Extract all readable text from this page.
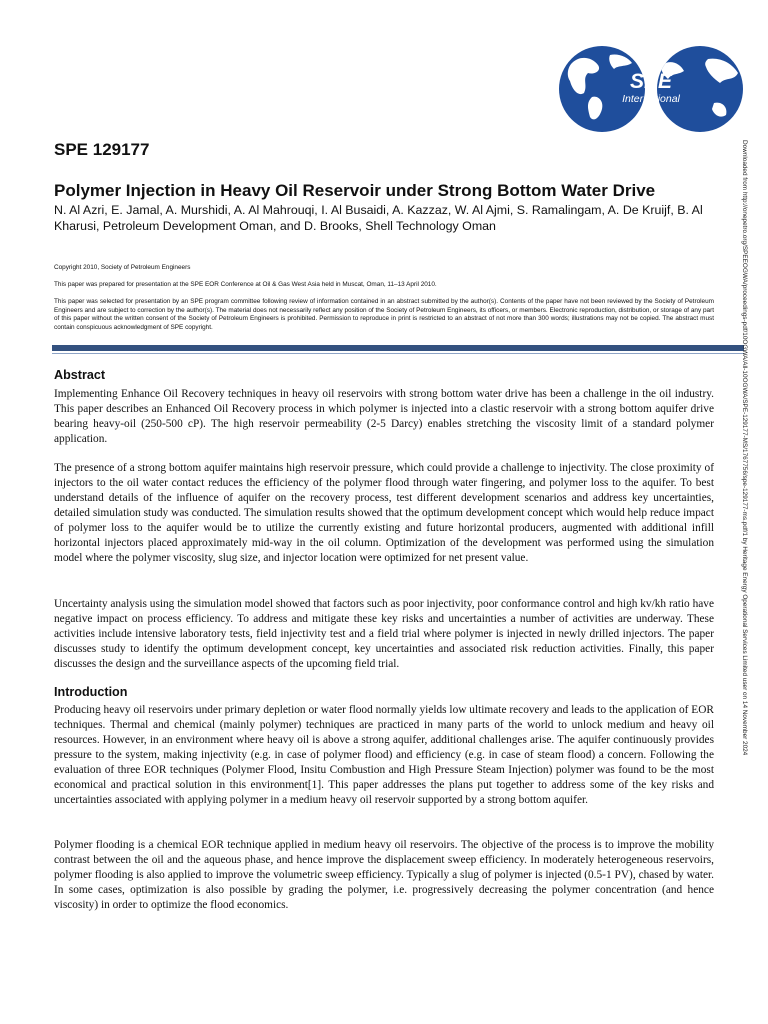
SPE
International
SPE 129177
Polymer Injection in Heavy Oil Reservoir under Strong Bottom Water Drive
N. Al Azri, E. Jamal, A. Murshidi, A. Al Mahrouqi, I. Al Busaidi, A. Kazzaz, W. Al Ajmi, S. Ramalingam, A. De Kruijf, B. Al Kharusi, Petroleum Development Oman, and D. Brooks, Shell Technology Oman
Copyright 2010, Society of Petroleum Engineers
This paper was prepared for presentation at the SPE EOR Conference at Oil & Gas West Asia held in Muscat, Oman, 11–13 April 2010.
This paper was selected for presentation by an SPE program committee following review of information contained in an abstract submitted by the author(s). Contents of the paper have not been reviewed by the Society of Petroleum Engineers and are subject to correction by the author(s). The material does not necessarily reflect any position of the Society of Petroleum Engineers, its officers, or members. Electronic reproduction, distribution, or storage of any part of this paper without the written consent of the Society of Petroleum Engineers is prohibited. Permission to reproduce in print is restricted to an abstract of not more than 300 words; illustrations may not be copied. The abstract must contain conspicuous acknowledgment of SPE copyright.
Abstract
Implementing Enhance Oil Recovery techniques in heavy oil reservoirs with strong bottom water drive has been a challenge in the oil industry. This paper describes an Enhanced Oil Recovery process in which polymer is injected into a clastic reservoir with a strong bottom aquifer drive bearing heavy-oil (250-500 cP). The high reservoir permeability (2-5 Darcy) enables stretching the viscosity limit of a standard polymer application.
The presence of a strong bottom aquifer maintains high reservoir pressure, which could provide a challenge to injectivity. The close proximity of injectors to the oil water contact reduces the efficiency of the polymer flood through water fingering, and polymer loss to the aquifer. To best understand details of the influence of aquifer on the recovery process, test different development scenarios and address key uncertainties, detailed simulation study was conducted. The simulation results showed that the optimum development concept which would help reduce impact of polymer loss to the aquifer would be to utilize the currently existing and future horizontal producers, augmented with additional infill horizontal injectors placed approximately mid-way in the oil column. Optimization of the development was performed using the simulation model where the polymer viscosity, slug size, and injector location were optimized for net present value.
Uncertainty analysis using the simulation model showed that factors such as poor injectivity, poor conformance control and high kv/kh ratio have negative impact on process efficiency. To address and mitigate these key risks and uncertainties a number of activities are underway. These activities include intensive laboratory tests, field injectivity test and a field trial where polymer is injected in newly drilled injectors. The paper discusses study to identify the optimum development concept, key uncertainties and associated risk reduction activities. Finally, this paper discusses the design and the surveillance aspects of the upcoming field trial.
Introduction
Producing heavy oil reservoirs under primary depletion or water flood normally yields low ultimate recovery and leads to the application of EOR techniques. Thermal and chemical (mainly polymer) techniques are practiced in many parts of the world to unlock medium and heavy oil resources. However, in an environment where heavy oil is above a strong aquifer, additional challenges arise. The aquifer continuously provides pressure to the system, making injectivity (e.g. in case of polymer flood) and efficiency (e.g. in case of steam flood) a concern. Following the evaluation of three EOR techniques (Polymer Flood, Insitu Combustion and High Pressure Steam Injection) polymer was found to be the most economical and practical solution in this environment[1]. This paper addresses the plans put together to address some of the key risks and uncertainties associated with applying polymer in a medium heavy oil reservoir supported by a strong bottom aquifer.
Polymer flooding is a chemical EOR technique applied in medium heavy oil reservoirs. The objective of the process is to improve the mobility contrast between the oil and the aqueous phase, and hence improve the displacement sweep efficiency. In moderately heterogeneous reservoirs, polymer flooding is also applied to improve the volumetric sweep efficiency. Typically a slug of polymer is injected (0.5-1 PV), chased by water. In some cases, optimization is also possible by grading the polymer, i.e. progressively decreasing the polymer concentration (and hence viscosity) in order to optimize the flood economics.
Downloaded from http://onepetro.org/SPEEOGWA/proceedings-pdf/10OGWA/All-10OGWA/SPE-129177-MS/1767756/spe-129177-ms.pdf/1 by Heritage Energy Operational Services Limited user on 14 November 2024
